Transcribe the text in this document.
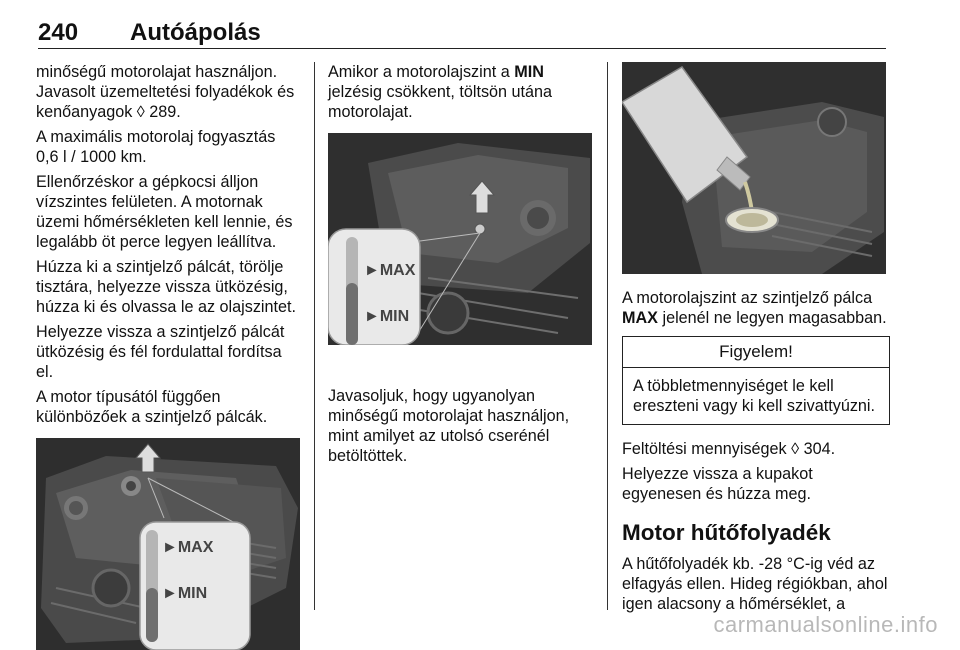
240 Autóápolás

minőségű motorolajat használjon.
Javasolt üzemeltetési folyadékok és
kenőanyagok ◊ 289.

A maximális motorolaj fogyasztás
0,6 l / 1000 km.

Ellenőrzéskor a gépkocsi álljon
vízszintes felületen. A motornak
üzemi hőmérsékleten kell lennie, és
legalább öt perce legyen leállítva.

Húzza ki a szintjelző pálcát, törölje
tisztára, helyezze vissza ütközésig,
húzza ki és olvassa le az olajszintet.

Helyezze vissza a szintjelző pálcát
ütközésig és fél fordulattal fordítsa el.

A motor típusától függően
különbözőek a szintjelző pálcák.

►MAX
►MIN

Amikor a motorolajszint a MIN
jelzésig csökkent, töltsön utána
motorolajat.

►MAX
►MIN

Javasoljuk, hogy ugyanolyan
minőségű motorolajat használjon,
mint amilyet az utolsó cserénél
betöltöttek.

A motorolajszint az szintjelző pálca
MAX jelenél ne legyen magasabban.

Figyelem!
A többletmennyiséget le kell
ereszteni vagy ki kell szivattyúzni.

Feltöltési mennyiségek ◊ 304.

Helyezze vissza a kupakot
egyenesen és húzza meg.

Motor hűtőfolyadék

A hűtőfolyadék kb. -28 °C-ig véd az
elfagyás ellen. Hideg régiókban, ahol
igen alacsony a hőmérséklet, a

carmanualsonline.info
